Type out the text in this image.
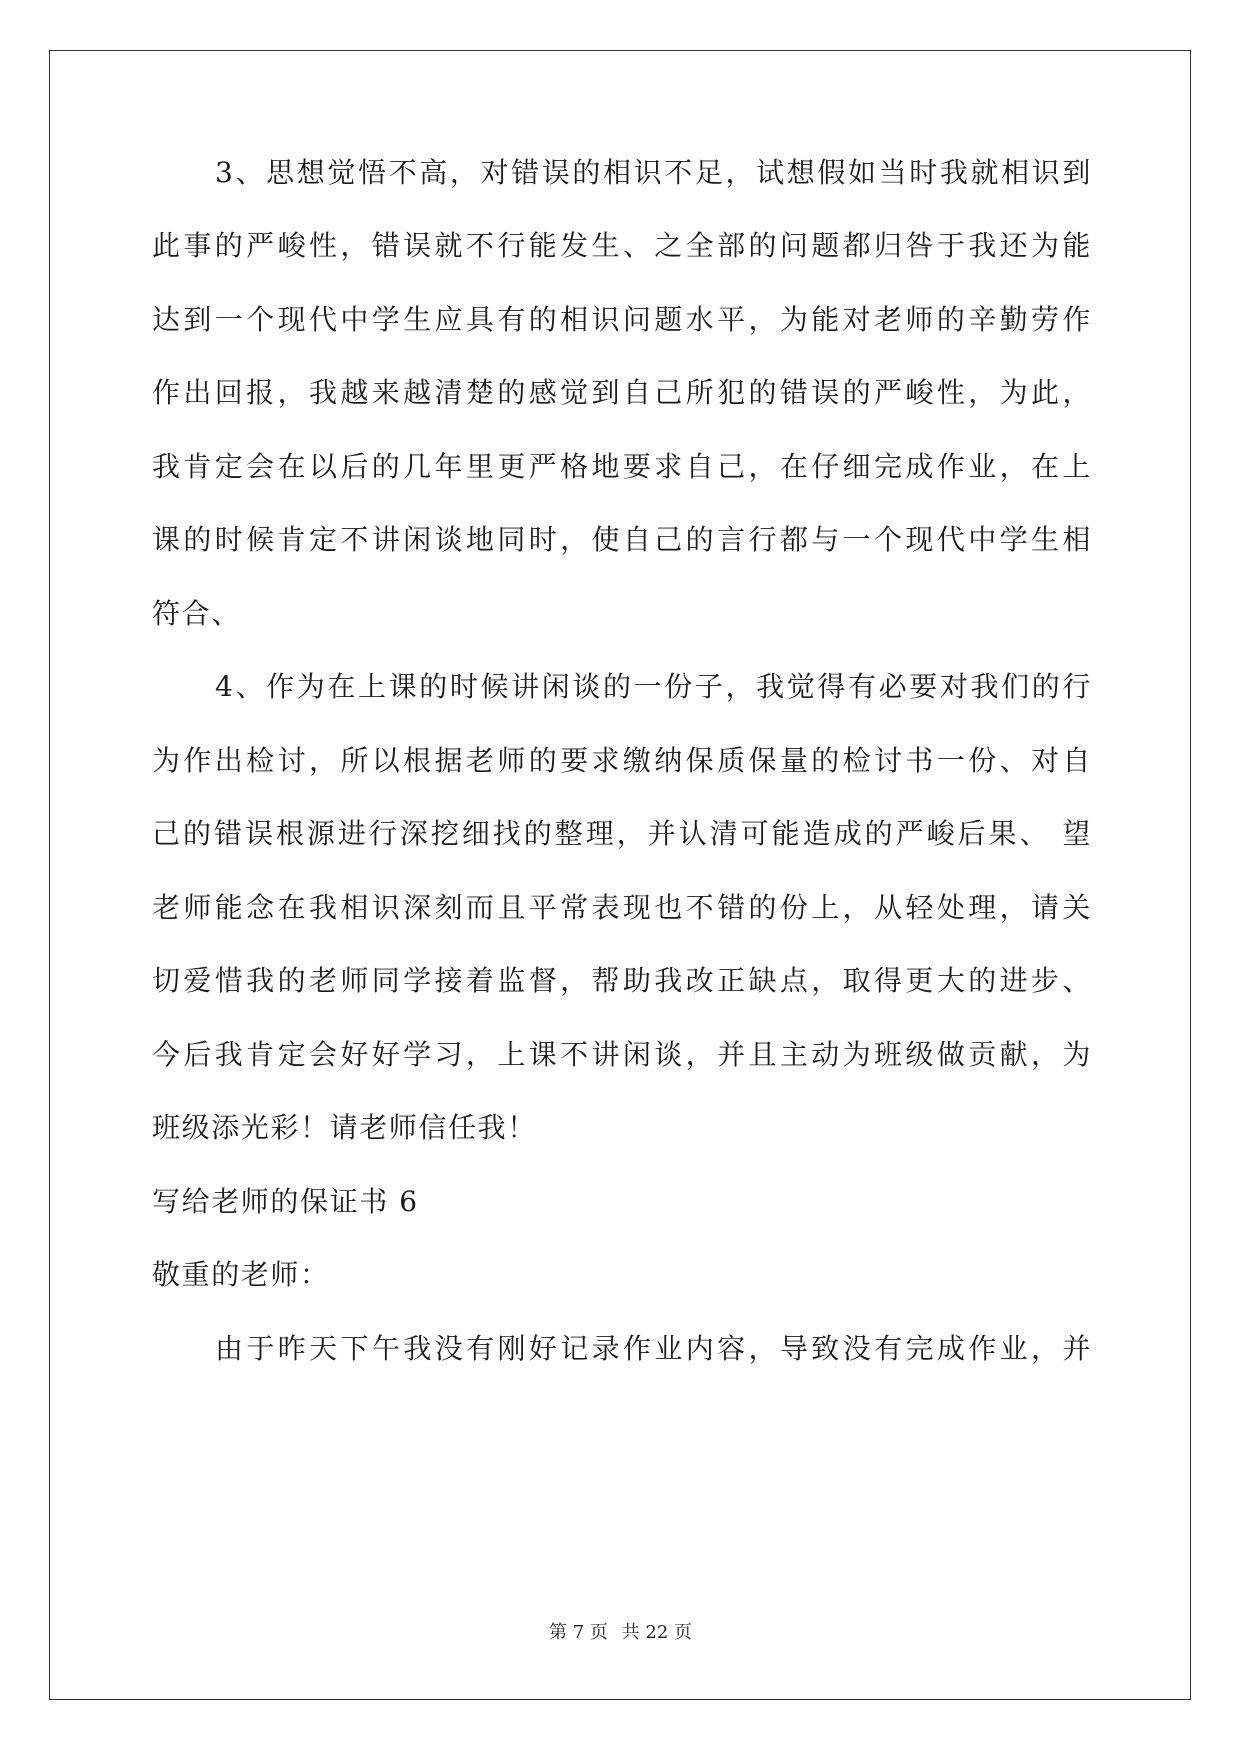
3、思想觉悟不高，对错误的相识不足，试想假如当时我就相识到
此事的严峻性，错误就不行能发生、之全部的问题都归咎于我还为能
达到一个现代中学生应具有的相识问题水平，为能对老师的辛勤劳作
作出回报，我越来越清楚的感觉到自己所犯的错误的严峻性，为此，
我肯定会在以后的几年里更严格地要求自己，在仔细完成作业，在上
课的时候肯定不讲闲谈地同时，使自己的言行都与一个现代中学生相
符合、
4、作为在上课的时候讲闲谈的一份子，我觉得有必要对我们的行
为作出检讨，所以根据老师的要求缴纳保质保量的检讨书一份、对自
己的错误根源进行深挖细找的整理，并认清可能造成的严峻后果、 望
老师能念在我相识深刻而且平常表现也不错的份上，从轻处理，请关
切爱惜我的老师同学接着监督，帮助我改正缺点，取得更大的进步、
今后我肯定会好好学习，上课不讲闲谈，并且主动为班级做贡献，为
班级添光彩！请老师信任我！
写给老师的保证书 6
敬重的老师：
由于昨天下午我没有刚好记录作业内容，导致没有完成作业，并
第 7 页 共 22 页
